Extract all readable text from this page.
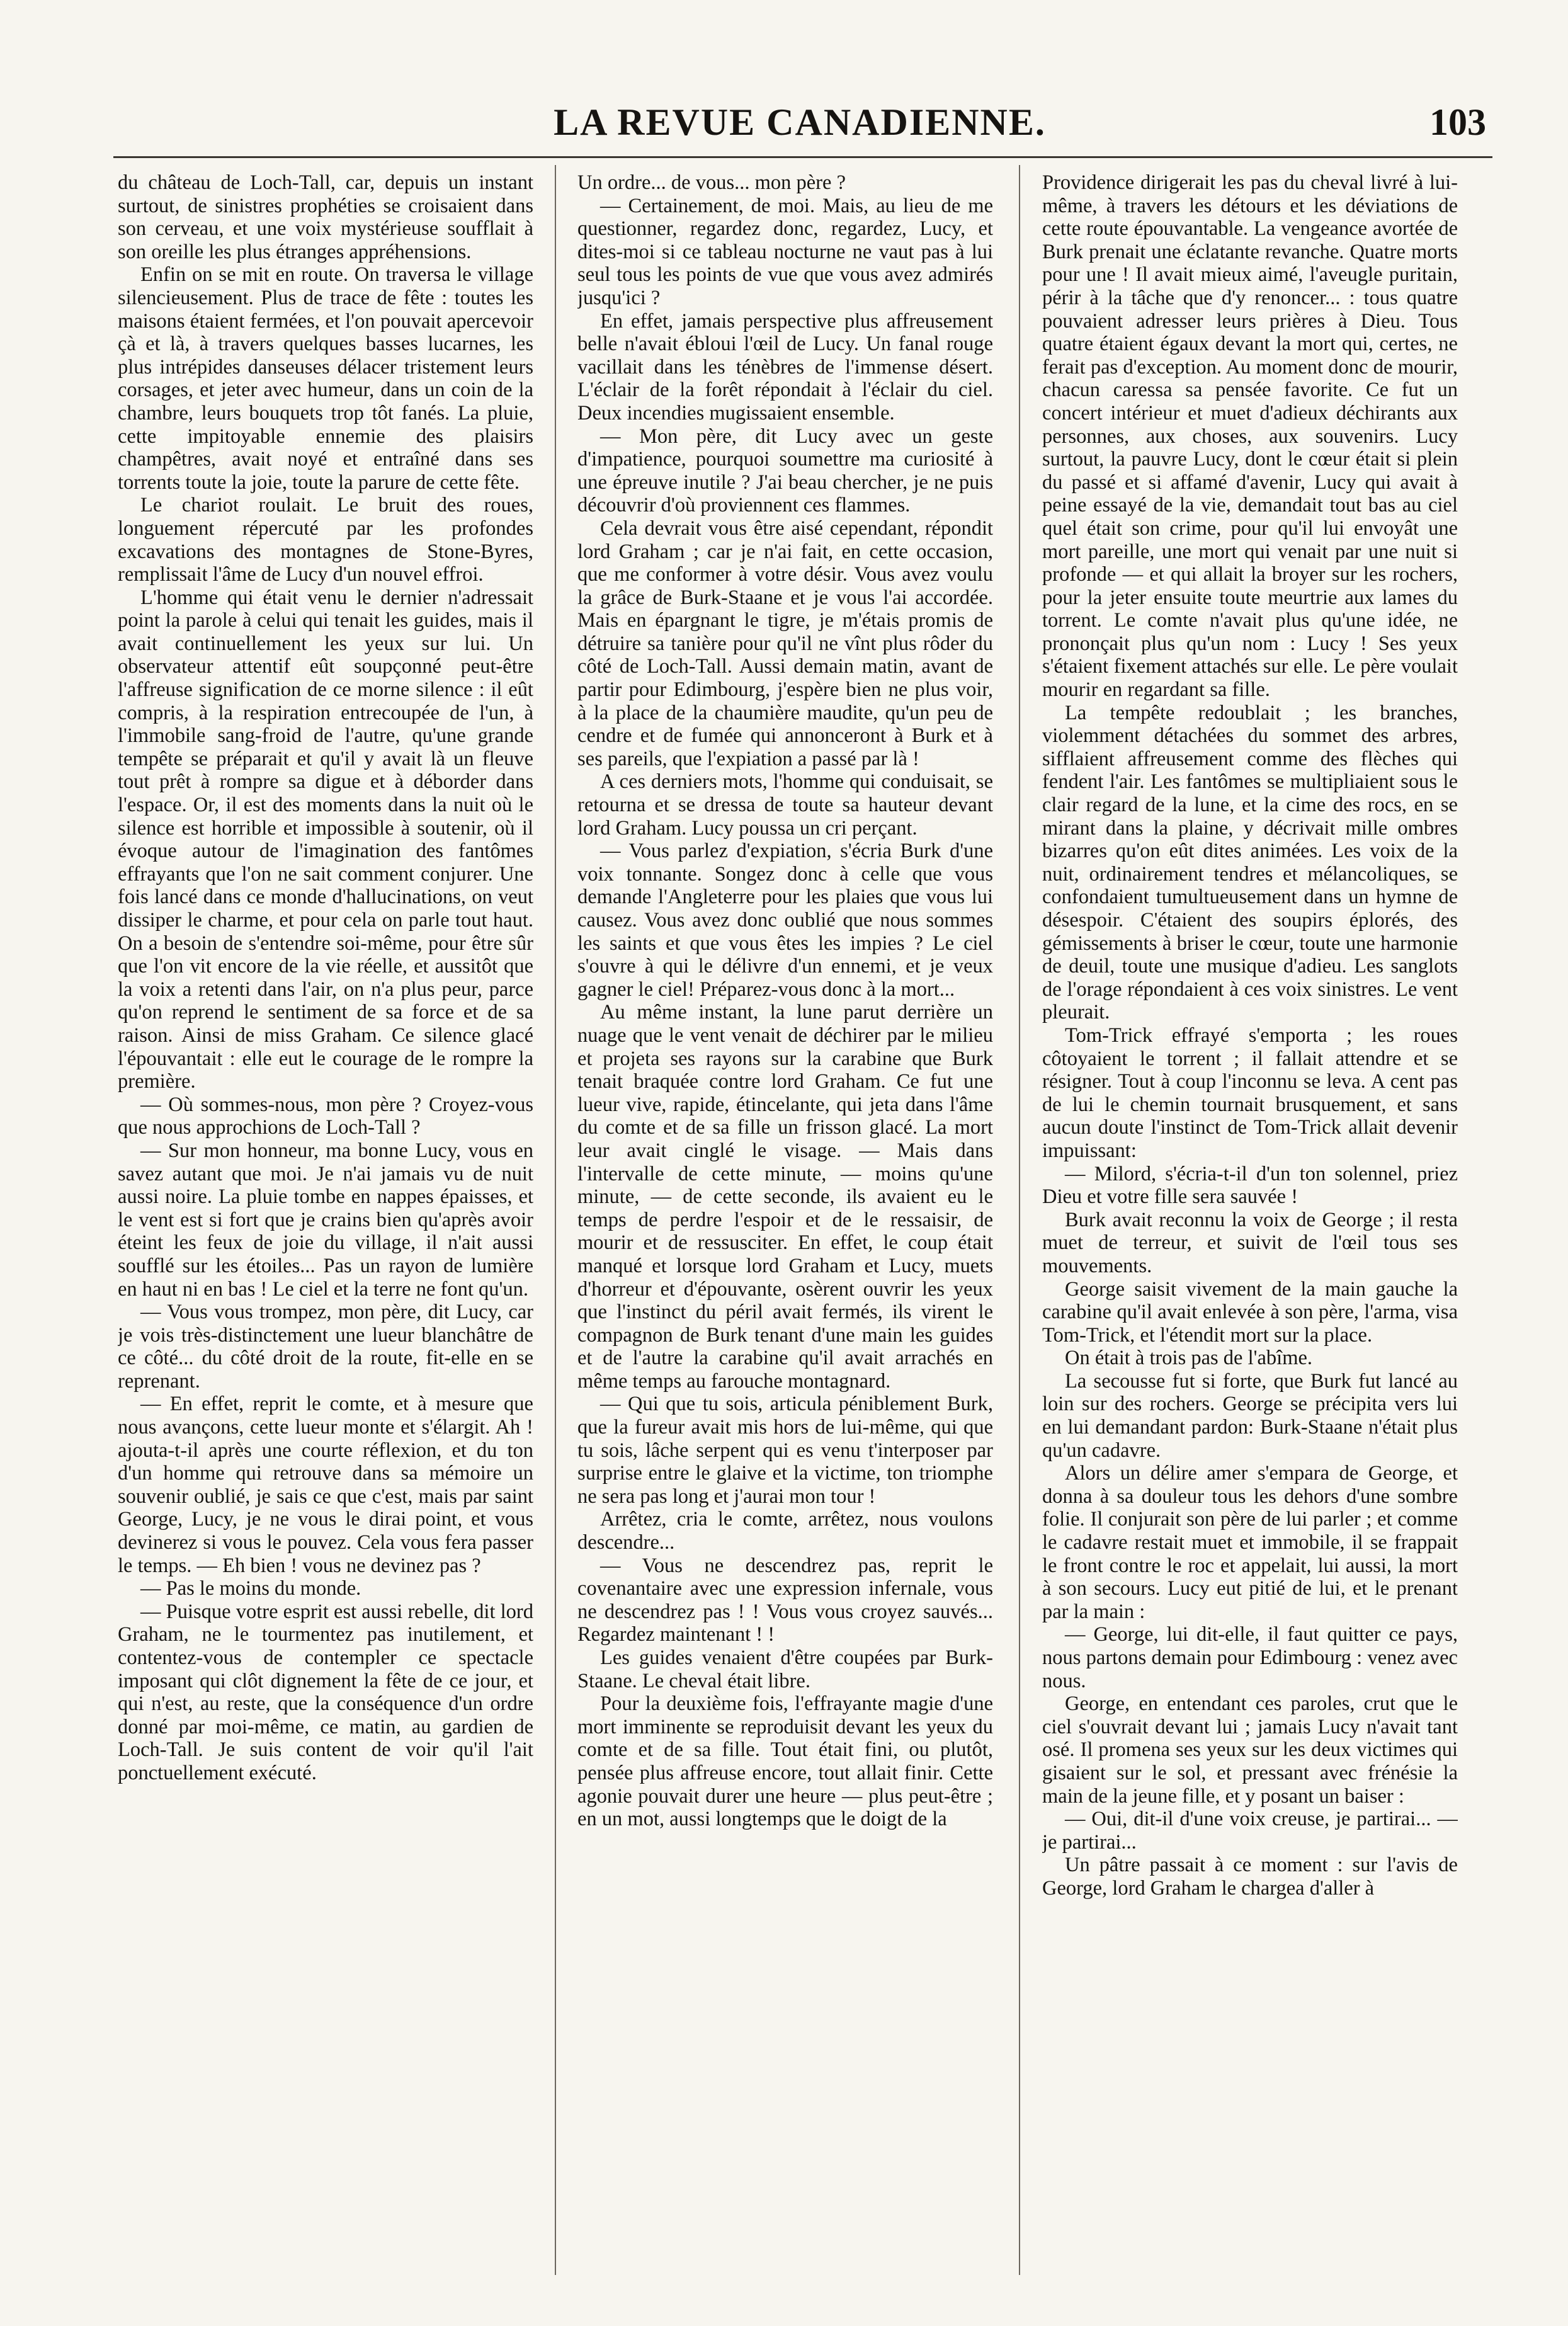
LA REVUE CANADIENNE.	103

du château de Loch-Tall, car, depuis un instant surtout, de sinistres prophéties se croisaient dans son cerveau, et une voix mystérieuse soufflait à son oreille les plus étranges appréhensions.

Enfin on se mit en route. On traversa le village silencieusement. Plus de trace de fête : toutes les maisons étaient fermées, et l'on pouvait apercevoir çà et là, à travers quelques basses lucarnes, les plus intrépides danseuses délacer tristement leurs corsages, et jeter avec humeur, dans un coin de la chambre, leurs bouquets trop tôt fanés. La pluie, cette impitoyable ennemie des plaisirs champêtres, avait noyé et entraîné dans ses torrents toute la joie, toute la parure de cette fête.

Le chariot roulait. Le bruit des roues, longuement répercuté par les profondes excavations des montagnes de Stone-Byres, remplissait l'âme de Lucy d'un nouvel effroi.

L'homme qui était venu le dernier n'adressait point la parole à celui qui tenait les guides, mais il avait continuellement les yeux sur lui. Un observateur attentif eût soupçonné peut-être l'affreuse signification de ce morne silence : il eût compris, à la respiration entrecoupée de l'un, à l'immobile sang-froid de l'autre, qu'une grande tempête se préparait et qu'il y avait là un fleuve tout prêt à rompre sa digue et à déborder dans l'espace. Or, il est des moments dans la nuit où le silence est horrible et impossible à soutenir, où il évoque autour de l'imagination des fantômes effrayants que l'on ne sait comment conjurer. Une fois lancé dans ce monde d'hallucinations, on veut dissiper le charme, et pour cela on parle tout haut. On a besoin de s'entendre soi-même, pour être sûr que l'on vit encore de la vie réelle, et aussitôt que la voix a retenti dans l'air, on n'a plus peur, parce qu'on reprend le sentiment de sa force et de sa raison. Ainsi de miss Graham. Ce silence glacé l'épouvantait : elle eut le courage de le rompre la première.

— Où sommes-nous, mon père ? Croyez-vous que nous approchions de Loch-Tall ?

— Sur mon honneur, ma bonne Lucy, vous en savez autant que moi. Je n'ai jamais vu de nuit aussi noire. La pluie tombe en nappes épaisses, et le vent est si fort que je crains bien qu'après avoir éteint les feux de joie du village, il n'ait aussi soufflé sur les étoiles... Pas un rayon de lumière en haut ni en bas ! Le ciel et la terre ne font qu'un.

— Vous vous trompez, mon père, dit Lucy, car je vois très-distinctement une lueur blanchâtre de ce côté... du côté droit de la route, fit-elle en se reprenant.

— En effet, reprit le comte, et à mesure que nous avançons, cette lueur monte et s'élargit. Ah ! ajouta-t-il après une courte réflexion, et du ton d'un homme qui retrouve dans sa mémoire un souvenir oublié, je sais ce que c'est, mais par saint George, Lucy, je ne vous le dirai point, et vous devinerez si vous le pouvez. Cela vous fera passer le temps. — Eh bien ! vous ne devinez pas ?

— Pas le moins du monde.

— Puisque votre esprit est aussi rebelle, dit lord Graham, ne le tourmentez pas inutilement, et contentez-vous de contempler ce spectacle imposant qui clôt dignement la fête de ce jour, et qui n'est, au reste, que la conséquence d'un ordre donné par moi-même, ce matin, au gardien de Loch-Tall. Je suis content de voir qu'il l'ait ponctuellement exécuté.

Un ordre... de vous... mon père ?

— Certainement, de moi. Mais, au lieu de me questionner, regardez donc, regardez, Lucy, et dites-moi si ce tableau nocturne ne vaut pas à lui seul tous les points de vue que vous avez admirés jusqu'ici ?

En effet, jamais perspective plus affreusement belle n'avait ébloui l'œil de Lucy. Un fanal rouge vacillait dans les ténèbres de l'immense désert. L'éclair de la forêt répondait à l'éclair du ciel. Deux incendies mugissaient ensemble.

— Mon père, dit Lucy avec un geste d'impatience, pourquoi soumettre ma curiosité à une épreuve inutile ? J'ai beau chercher, je ne puis découvrir d'où proviennent ces flammes.

Cela devrait vous être aisé cependant, répondit lord Graham ; car je n'ai fait, en cette occasion, que me conformer à votre désir. Vous avez voulu la grâce de Burk-Staane et je vous l'ai accordée. Mais en épargnant le tigre, je m'étais promis de détruire sa tanière pour qu'il ne vînt plus rôder du côté de Loch-Tall. Aussi demain matin, avant de partir pour Edimbourg, j'espère bien ne plus voir, à la place de la chaumière maudite, qu'un peu de cendre et de fumée qui annonceront à Burk et à ses pareils, que l'expiation a passé par là !

A ces derniers mots, l'homme qui conduisait, se retourna et se dressa de toute sa hauteur devant lord Graham. Lucy poussa un cri perçant.

— Vous parlez d'expiation, s'écria Burk d'une voix tonnante. Songez donc à celle que vous demande l'Angleterre pour les plaies que vous lui causez. Vous avez donc oublié que nous sommes les saints et que vous êtes les impies ? Le ciel s'ouvre à qui le délivre d'un ennemi, et je veux gagner le ciel! Préparez-vous donc à la mort...

Au même instant, la lune parut derrière un nuage que le vent venait de déchirer par le milieu et projeta ses rayons sur la carabine que Burk tenait braquée contre lord Graham. Ce fut une lueur vive, rapide, étincelante, qui jeta dans l'âme du comte et de sa fille un frisson glacé. La mort leur avait cinglé le visage. — Mais dans l'intervalle de cette minute, — moins qu'une minute, — de cette seconde, ils avaient eu le temps de perdre l'espoir et de le ressaisir, de mourir et de ressusciter. En effet, le coup était manqué et lorsque lord Graham et Lucy, muets d'horreur et d'épouvante, osèrent ouvrir les yeux que l'instinct du péril avait fermés, ils virent le compagnon de Burk tenant d'une main les guides et de l'autre la carabine qu'il avait arrachés en même temps au farouche montagnard.

— Qui que tu sois, articula péniblement Burk, que la fureur avait mis hors de lui-même, qui que tu sois, lâche serpent qui es venu t'interposer par surprise entre le glaive et la victime, ton triomphe ne sera pas long et j'aurai mon tour !

Arrêtez, cria le comte, arrêtez, nous voulons descendre...

— Vous ne descendrez pas, reprit le covenantaire avec une expression infernale, vous ne descendrez pas ! ! Vous vous croyez sauvés... Regardez maintenant ! !

Les guides venaient d'être coupées par Burk-Staane. Le cheval était libre.

Pour la deuxième fois, l'effrayante magie d'une mort imminente se reproduisit devant les yeux du comte et de sa fille. Tout était fini, ou plutôt, pensée plus affreuse encore, tout allait finir. Cette agonie pouvait durer une heure — plus peut-être ; en un mot, aussi longtemps que le doigt de la

Providence dirigerait les pas du cheval livré à lui-même, à travers les détours et les déviations de cette route épouvantable. La vengeance avortée de Burk prenait une éclatante revanche. Quatre morts pour une ! Il avait mieux aimé, l'aveugle puritain, périr à la tâche que d'y renoncer... : tous quatre pouvaient adresser leurs prières à Dieu. Tous quatre étaient égaux devant la mort qui, certes, ne ferait pas d'exception. Au moment donc de mourir, chacun caressa sa pensée favorite. Ce fut un concert intérieur et muet d'adieux déchirants aux personnes, aux choses, aux souvenirs. Lucy surtout, la pauvre Lucy, dont le cœur était si plein du passé et si affamé d'avenir, Lucy qui avait à peine essayé de la vie, demandait tout bas au ciel quel était son crime, pour qu'il lui envoyât une mort pareille, une mort qui venait par une nuit si profonde — et qui allait la broyer sur les rochers, pour la jeter ensuite toute meurtrie aux lames du torrent. Le comte n'avait plus qu'une idée, ne prononçait plus qu'un nom : Lucy ! Ses yeux s'étaient fixement attachés sur elle. Le père voulait mourir en regardant sa fille.

La tempête redoublait ; les branches, violemment détachées du sommet des arbres, sifflaient affreusement comme des flèches qui fendent l'air. Les fantômes se multipliaient sous le clair regard de la lune, et la cime des rocs, en se mirant dans la plaine, y décrivait mille ombres bizarres qu'on eût dites animées. Les voix de la nuit, ordinairement tendres et mélancoliques, se confondaient tumultueusement dans un hymne de désespoir. C'étaient des soupirs éplorés, des gémissements à briser le cœur, toute une harmonie de deuil, toute une musique d'adieu. Les sanglots de l'orage répondaient à ces voix sinistres. Le vent pleurait.

Tom-Trick effrayé s'emporta ; les roues côtoyaient le torrent ; il fallait attendre et se résigner. Tout à coup l'inconnu se leva. A cent pas de lui le chemin tournait brusquement, et sans aucun doute l'instinct de Tom-Trick allait devenir impuissant:

— Milord, s'écria-t-il d'un ton solennel, priez Dieu et votre fille sera sauvée !

Burk avait reconnu la voix de George ; il resta muet de terreur, et suivit de l'œil tous ses mouvements.

George saisit vivement de la main gauche la carabine qu'il avait enlevée à son père, l'arma, visa Tom-Trick, et l'étendit mort sur la place.

On était à trois pas de l'abîme.

La secousse fut si forte, que Burk fut lancé au loin sur des rochers. George se précipita vers lui en lui demandant pardon: Burk-Staane n'était plus qu'un cadavre.

Alors un délire amer s'empara de George, et donna à sa douleur tous les dehors d'une sombre folie. Il conjurait son père de lui parler ; et comme le cadavre restait muet et immobile, il se frappait le front contre le roc et appelait, lui aussi, la mort à son secours. Lucy eut pitié de lui, et le prenant par la main :

— George, lui dit-elle, il faut quitter ce pays, nous partons demain pour Edimbourg : venez avec nous.

George, en entendant ces paroles, crut que le ciel s'ouvrait devant lui ; jamais Lucy n'avait tant osé. Il promena ses yeux sur les deux victimes qui gisaient sur le sol, et pressant avec frénésie la main de la jeune fille, et y posant un baiser :

— Oui, dit-il d'une voix creuse, je partirai... — je partirai...

Un pâtre passait à ce moment : sur l'avis de George, lord Graham le chargea d'aller à
